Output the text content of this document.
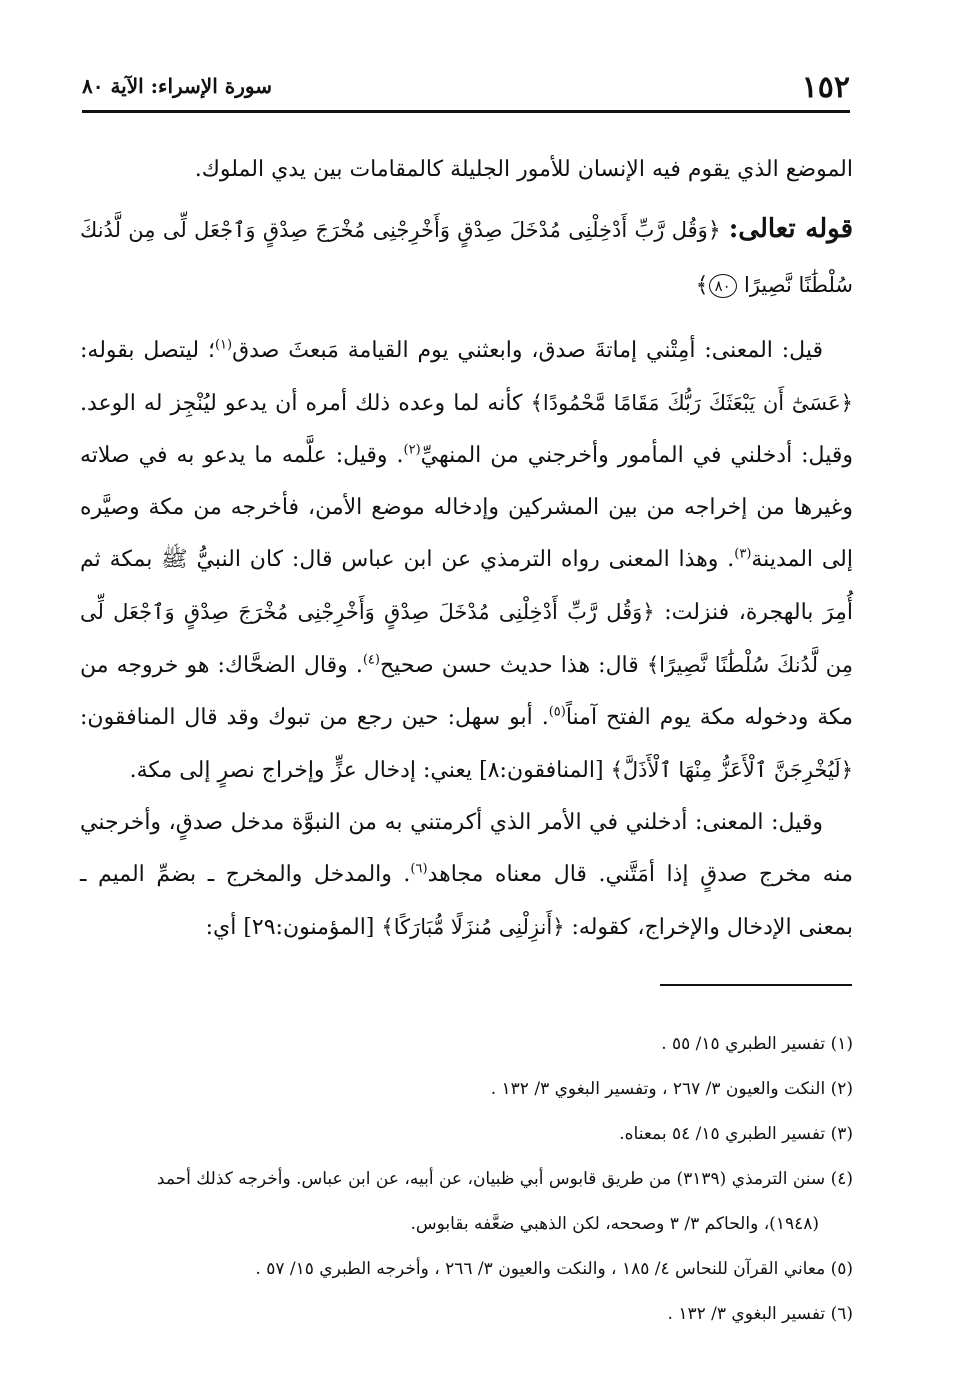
١٥٢
سورة الإسراء: الآية ٨٠

الموضع الذي يقوم فيه الإنسان للأمور الجليلة كالمقامات بين يدي الملوك.

قوله تعالى: ﴿وَقُل رَّبِّ أَدْخِلْنِى مُدْخَلَ صِدْقٍ وَأَخْرِجْنِى مُخْرَجَ صِدْقٍ وَٱجْعَل لِّى مِن لَّدُنكَ سُلْطَٰنًا نَّصِيرًا ٨٠﴾

قيل: المعنى: أمِتْني إماتةَ صدق، وابعثني يوم القيامة مَبعثَ صدق$^{(١)}$؛ ليتصل بقوله: ﴿عَسَىٰٓ أَن يَبْعَثَكَ رَبُّكَ مَقَامًا مَّحْمُودًا﴾ كأنه لما وعده ذلك أمره أن يدعو ليُنْجِز له الوعد. وقيل: أدخلني في المأمور وأخرجني من المنهيِّ$^{(٢)}$. وقيل: علَّمه ما يدعو به في صلاته وغيرها من إخراجه من بين المشركين وإدخاله موضع الأمن، فأخرجه من مكة وصيَّره إلى المدينة$^{(٣)}$. وهذا المعنى رواه الترمذي عن ابن عباس قال: كان النبيُّ ﷺ بمكة ثم أُمِرَ بالهجرة، فنزلت: ﴿وَقُل رَّبِّ أَدْخِلْنِى مُدْخَلَ صِدْقٍ وَأَخْرِجْنِى مُخْرَجَ صِدْقٍ وَٱجْعَل لِّى مِن لَّدُنكَ سُلْطَٰنًا نَّصِيرًا﴾ قال: هذا حديث حسن صحيح$^{(٤)}$. وقال الضحَّاك: هو خروجه من مكة ودخوله مكة يوم الفتح آمناً$^{(٥)}$. أبو سهل: حين رجع من تبوك وقد قال المنافقون: ﴿لَيُخْرِجَنَّ ٱلْأَعَزُّ مِنْهَا ٱلْأَذَلَّ﴾ [المنافقون:٨] يعني: إدخال عزٍّ وإخراج نصرٍ إلى مكة.

وقيل: المعنى: أدخلني في الأمر الذي أكرمتني به من النبوَّة مدخل صدقٍ، وأخرجني منه مخرج صدقٍ إذا أمَتَّني. قال معناه مجاهد$^{(٦)}$. والمدخل والمخرج ـ بضمِّ الميم ـ بمعنى الإدخال والإخراج، كقوله: ﴿أَنزِلْنِى مُنزَلًا مُّبَارَكًا﴾ [المؤمنون:٢٩] أي:

(١) تفسير الطبري ١٥/ ٥٥ .

(٢) النكت والعيون ٣/ ٢٦٧ ، وتفسير البغوي ٣/ ١٣٢ .

(٣) تفسير الطبري ١٥/ ٥٤ بمعناه.

(٤) سنن الترمذي (٣١٣٩) من طريق قابوس أبي ظبيان، عن أبيه، عن ابن عباس. وأخرجه كذلك أحمد

(١٩٤٨)، والحاكم ٣/ ٣ وصححه، لكن الذهبي ضعَّفه بقابوس.

(٥) معاني القرآن للنحاس ٤/ ١٨٥ ، والنكت والعيون ٣/ ٢٦٦ ، وأخرجه الطبري ١٥/ ٥٧ .

(٦) تفسير البغوي ٣/ ١٣٢ .
